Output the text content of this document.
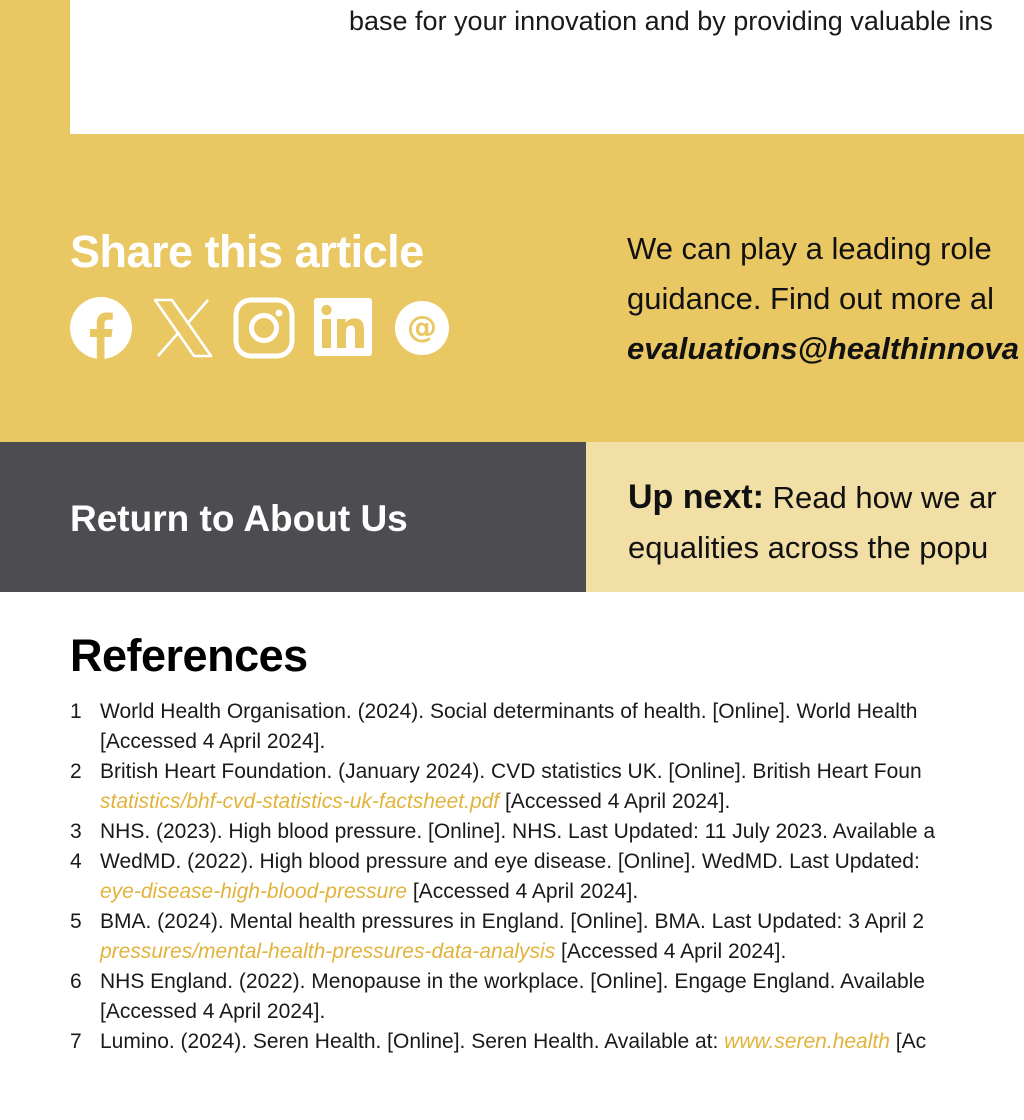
base for your innovation and by providing valuable ins
Share this article
@
We can play a leading role
guidance. Find out more al
evaluations@healthinnova
Return to About Us
Up next: Read how we ar
equalities across the popu
References
1 World Health Organisation. (2024). Social determinants of health. [Online]. World Health
[Accessed 4 April 2024].
2 British Heart Foundation. (January 2024). CVD statistics UK. [Online]. British Heart Foun
statistics/bhf-cvd-statistics-uk-factsheet.pdf [Accessed 4 April 2024].
3 NHS. (2023). High blood pressure. [Online]. NHS. Last Updated: 11 July 2023. Available a
4 WedMD. (2022). High blood pressure and eye disease. [Online]. WedMD. Last Updated:
eye-disease-high-blood-pressure [Accessed 4 April 2024].
5 BMA. (2024). Mental health pressures in England. [Online]. BMA. Last Updated: 3 April 2
pressures/mental-health-pressures-data-analysis [Accessed 4 April 2024].
6 NHS England. (2022). Menopause in the workplace. [Online]. Engage England. Available
[Accessed 4 April 2024].
7 Lumino. (2024). Seren Health. [Online]. Seren Health. Available at: www.seren.health [Ac
